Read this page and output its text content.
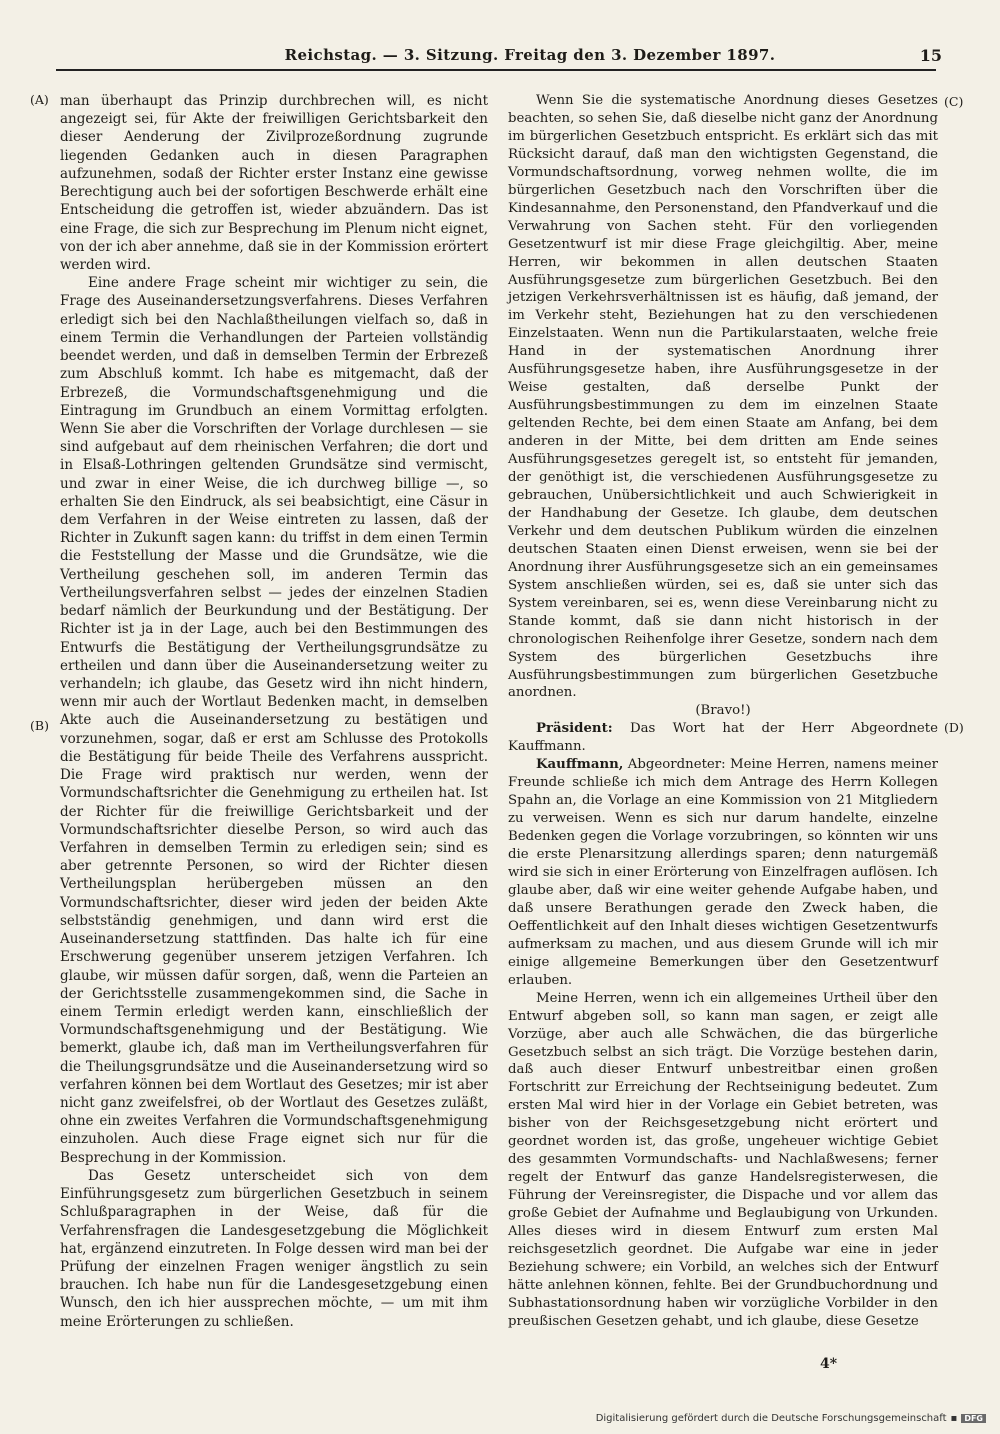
Reichstag. — 3. Sitzung. Freitag den 3. Dezember 1897.	15
(A)
(B)
(C)
(D)

man überhaupt das Prinzip durchbrechen will, es nicht angezeigt sei, für Akte der freiwilligen Gerichtsbarkeit den dieser Aenderung der Zivilprozeßordnung zugrunde liegenden Gedanken auch in diesen Paragraphen aufzunehmen, sodaß der Richter erster Instanz eine gewisse Berechtigung auch bei der sofortigen Beschwerde erhält eine Entscheidung die getroffen ist, wieder abzuändern. Das ist eine Frage, die sich zur Besprechung im Plenum nicht eignet, von der ich aber annehme, daß sie in der Kommission erörtert werden wird.

Eine andere Frage scheint mir wichtiger zu sein, die Frage des Auseinandersetzungsverfahrens. Dieses Verfahren erledigt sich bei den Nachlaßtheilungen vielfach so, daß in einem Termin die Verhandlungen der Parteien vollständig beendet werden, und daß in demselben Termin der Erbrezeß zum Abschluß kommt. Ich habe es mitgemacht, daß der Erbrezeß, die Vormundschaftsgenehmigung und die Eintragung im Grundbuch an einem Vormittag erfolgten. Wenn Sie aber die Vorschriften der Vorlage durchlesen — sie sind aufgebaut auf dem rheinischen Verfahren; die dort und in Elsaß-Lothringen geltenden Grundsätze sind vermischt, und zwar in einer Weise, die ich durchweg billige —, so erhalten Sie den Eindruck, als sei beabsichtigt, eine Cäsur in dem Verfahren in der Weise eintreten zu lassen, daß der Richter in Zukunft sagen kann: du triffst in dem einen Termin die Feststellung der Masse und die Grundsätze, wie die Vertheilung geschehen soll, im anderen Termin das Vertheilungsverfahren selbst — jedes der einzelnen Stadien bedarf nämlich der Beurkundung und der Bestätigung. Der Richter ist ja in der Lage, auch bei den Bestimmungen des Entwurfs die Bestätigung der Vertheilungsgrundsätze zu ertheilen und dann über die Auseinandersetzung weiter zu verhandeln; ich glaube, das Gesetz wird ihn nicht hindern, wenn mir auch der Wortlaut Bedenken macht, in demselben Akte auch die Auseinandersetzung zu bestätigen und vorzunehmen, sogar, daß er erst am Schlusse des Protokolls die Bestätigung für beide Theile des Verfahrens ausspricht. Die Frage wird praktisch nur werden, wenn der Vormundschaftsrichter die Genehmigung zu ertheilen hat. Ist der Richter für die freiwillige Gerichtsbarkeit und der Vormundschaftsrichter dieselbe Person, so wird auch das Verfahren in demselben Termin zu erledigen sein; sind es aber getrennte Personen, so wird der Richter diesen Vertheilungsplan herübergeben müssen an den Vormundschaftsrichter, dieser wird jeden der beiden Akte selbstständig genehmigen, und dann wird erst die Auseinandersetzung stattfinden. Das halte ich für eine Erschwerung gegenüber unserem jetzigen Verfahren. Ich glaube, wir müssen dafür sorgen, daß, wenn die Parteien an der Gerichtsstelle zusammengekommen sind, die Sache in einem Termin erledigt werden kann, einschließlich der Vormundschaftsgenehmigung und der Bestätigung. Wie bemerkt, glaube ich, daß man im Vertheilungsverfahren für die Theilungsgrundsätze und die Auseinandersetzung wird so verfahren können bei dem Wortlaut des Gesetzes; mir ist aber nicht ganz zweifelsfrei, ob der Wortlaut des Gesetzes zuläßt, ohne ein zweites Verfahren die Vormundschaftsgenehmigung einzuholen. Auch diese Frage eignet sich nur für die Besprechung in der Kommission.

Das Gesetz unterscheidet sich von dem Einführungsgesetz zum bürgerlichen Gesetzbuch in seinem Schlußparagraphen in der Weise, daß für die Verfahrensfragen die Landesgesetzgebung die Möglichkeit hat, ergänzend einzutreten. In Folge dessen wird man bei der Prüfung der einzelnen Fragen weniger ängstlich zu sein brauchen. Ich habe nun für die Landesgesetzgebung einen Wunsch, den ich hier aussprechen möchte, — um mit ihm meine Erörterungen zu schließen.

Wenn Sie die systematische Anordnung dieses Gesetzes beachten, so sehen Sie, daß dieselbe nicht ganz der Anordnung im bürgerlichen Gesetzbuch entspricht. Es erklärt sich das mit Rücksicht darauf, daß man den wichtigsten Gegenstand, die Vormundschaftsordnung, vorweg nehmen wollte, die im bürgerlichen Gesetzbuch nach den Vorschriften über die Kindesannahme, den Personenstand, den Pfandverkauf und die Verwahrung von Sachen steht. Für den vorliegenden Gesetzentwurf ist mir diese Frage gleichgiltig. Aber, meine Herren, wir bekommen in allen deutschen Staaten Ausführungsgesetze zum bürgerlichen Gesetzbuch. Bei den jetzigen Verkehrsverhältnissen ist es häufig, daß jemand, der im Verkehr steht, Beziehungen hat zu den verschiedenen Einzelstaaten. Wenn nun die Partikularstaaten, welche freie Hand in der systematischen Anordnung ihrer Ausführungsgesetze haben, ihre Ausführungsgesetze in der Weise gestalten, daß derselbe Punkt der Ausführungsbestimmungen zu dem im einzelnen Staate geltenden Rechte, bei dem einen Staate am Anfang, bei dem anderen in der Mitte, bei dem dritten am Ende seines Ausführungsgesetzes geregelt ist, so entsteht für jemanden, der genöthigt ist, die verschiedenen Ausführungsgesetze zu gebrauchen, Unübersichtlichkeit und auch Schwierigkeit in der Handhabung der Gesetze. Ich glaube, dem deutschen Verkehr und dem deutschen Publikum würden die einzelnen deutschen Staaten einen Dienst erweisen, wenn sie bei der Anordnung ihrer Ausführungsgesetze sich an ein gemeinsames System anschließen würden, sei es, daß sie unter sich das System vereinbaren, sei es, wenn diese Vereinbarung nicht zu Stande kommt, daß sie dann nicht historisch in der chronologischen Reihenfolge ihrer Gesetze, sondern nach dem System des bürgerlichen Gesetzbuchs ihre Ausführungsbestimmungen zum bürgerlichen Gesetzbuche anordnen.

(Bravo!)

Präsident: Das Wort hat der Herr Abgeordnete Kauffmann.

Kauffmann, Abgeordneter: Meine Herren, namens meiner Freunde schließe ich mich dem Antrage des Herrn Kollegen Spahn an, die Vorlage an eine Kommission von 21 Mitgliedern zu verweisen. Wenn es sich nur darum handelte, einzelne Bedenken gegen die Vorlage vorzubringen, so könnten wir uns die erste Plenarsitzung allerdings sparen; denn naturgemäß wird sie sich in einer Erörterung von Einzelfragen auflösen. Ich glaube aber, daß wir eine weiter gehende Aufgabe haben, und daß unsere Berathungen gerade den Zweck haben, die Oeffentlichkeit auf den Inhalt dieses wichtigen Gesetzentwurfs aufmerksam zu machen, und aus diesem Grunde will ich mir einige allgemeine Bemerkungen über den Gesetzentwurf erlauben.

Meine Herren, wenn ich ein allgemeines Urtheil über den Entwurf abgeben soll, so kann man sagen, er zeigt alle Vorzüge, aber auch alle Schwächen, die das bürgerliche Gesetzbuch selbst an sich trägt. Die Vorzüge bestehen darin, daß auch dieser Entwurf unbestreitbar einen großen Fortschritt zur Erreichung der Rechtseinigung bedeutet. Zum ersten Mal wird hier in der Vorlage ein Gebiet betreten, was bisher von der Reichsgesetzgebung nicht erörtert und geordnet worden ist, das große, ungeheuer wichtige Gebiet des gesammten Vormundschafts- und Nachlaßwesens; ferner regelt der Entwurf das ganze Handelsregisterwesen, die Führung der Vereinsregister, die Dispache und vor allem das große Gebiet der Aufnahme und Beglaubigung von Urkunden. Alles dieses wird in diesem Entwurf zum ersten Mal reichsgesetzlich geordnet. Die Aufgabe war eine in jeder Beziehung schwere; ein Vorbild, an welches sich der Entwurf hätte anlehnen können, fehlte. Bei der Grundbuchordnung und Subhastationsordnung haben wir vorzügliche Vorbilder in den preußischen Gesetzen gehabt, und ich glaube, diese Gesetze

4*
Digitalisierung gefördert durch die Deutsche Forschungsgemeinschaft ▪ DFG
